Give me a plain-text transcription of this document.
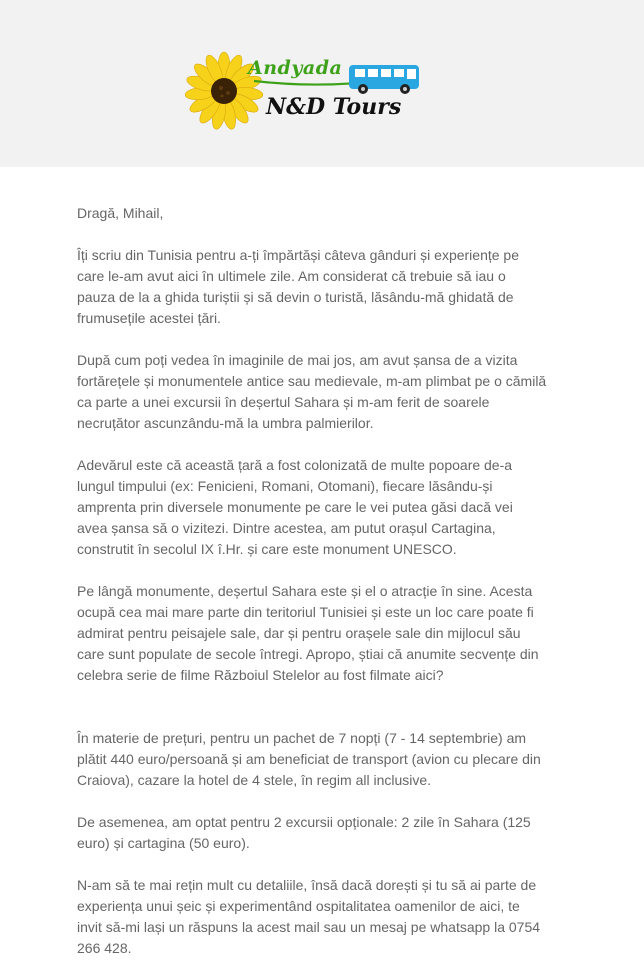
Andyada
N&D Tours

Dragă, Mihail,

Îți scriu din Tunisia pentru a-ți împărtăși câteva gânduri și experiențe pe care le-am avut aici în ultimele zile. Am considerat că trebuie să iau o pauza de la a ghida turiștii și să devin o turistă, lăsându-mă ghidată de frumusețile acestei țări.

După cum poți vedea în imaginile de mai jos, am avut șansa de a vizita fortărețele și monumentele antice sau medievale, m-am plimbat pe o cămilă ca parte a unei excursii în deșertul Sahara și m-am ferit de soarele necruțător ascunzându-mă la umbra palmierilor.

Adevărul este că această țară a fost colonizată de multe popoare de-a lungul timpului (ex: Fenicieni, Romani, Otomani), fiecare lăsându-și amprenta prin diversele monumente pe care le vei putea găsi dacă vei avea șansa să o vizitezi. Dintre acestea, am putut orașul Cartagina, construtit în secolul IX î.Hr. și care este monument UNESCO.

Pe lângă monumente, deșertul Sahara este și el o atracție în sine. Acesta ocupă cea mai mare parte din teritoriul Tunisiei și este un loc care poate fi admirat pentru peisajele sale, dar și pentru orașele sale din mijlocul său care sunt populate de secole întregi. Apropo, știai că anumite secvențe din celebra serie de filme Războiul Stelelor au fost filmate aici?

În materie de prețuri, pentru un pachet de 7 nopți (7 - 14 septembrie) am plătit 440 euro/persoană și am beneficiat de transport (avion cu plecare din Craiova), cazare la hotel de 4 stele, în regim all inclusive.

De asemenea, am optat pentru 2 excursii opționale: 2 zile în Sahara (125 euro) și cartagina (50 euro).

N-am să te mai rețin mult cu detaliile, însă dacă dorești și tu să ai parte de experiența unui șeic și experimentând ospitalitatea oamenilor de aici, te invit să-mi lași un răspuns la acest mail sau un mesaj pe whatsapp la 0754 266 428.
